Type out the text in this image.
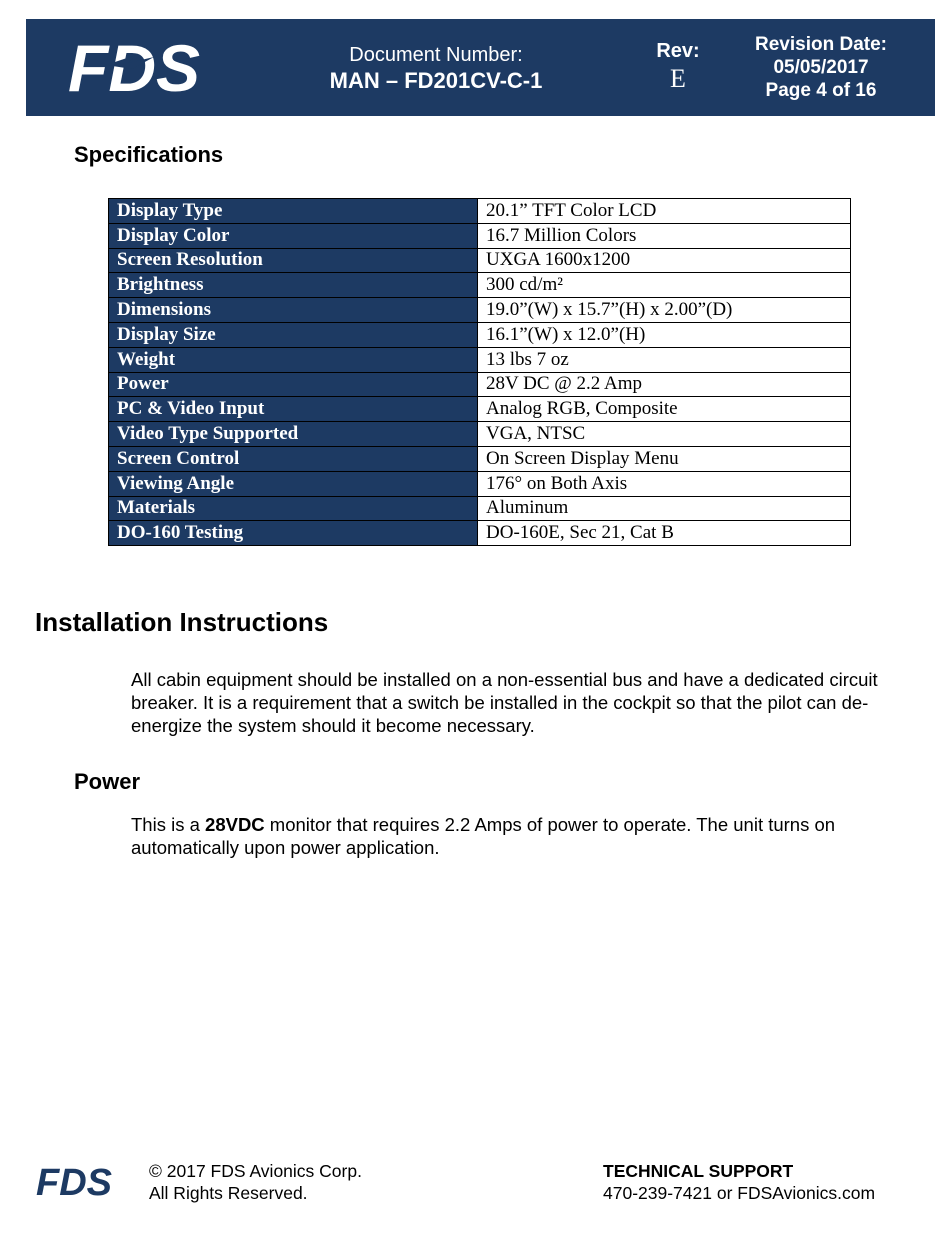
FDS	Document Number:
MAN – FD201CV-C-1
Rev:
E
Revision Date:
05/05/2017
Page 4 of 16
Specifications
Display Type	20.1” TFT Color LCD
Display Color	16.7 Million Colors
Screen Resolution	UXGA 1600x1200
Brightness	300 cd/m²
Dimensions	19.0”(W) x 15.7”(H) x 2.00”(D)
Display Size	16.1”(W) x 12.0”(H)
Weight	13 lbs 7 oz
Power	28V DC @ 2.2 Amp
PC & Video Input	Analog RGB, Composite
Video Type Supported	VGA, NTSC
Screen Control	On Screen Display Menu
Viewing Angle	176° on Both Axis
Materials	Aluminum
DO-160 Testing	DO-160E, Sec 21, Cat B
Installation Instructions
All cabin equipment should be installed on a non-essential bus and have a dedicated circuit breaker. It is a requirement that a switch be installed in the cockpit so that the pilot can de-energize the system should it become necessary.
Power
This is a 28VDC monitor that requires 2.2 Amps of power to operate. The unit turns on automatically upon power application.
FDS © 2017 FDS Avionics Corp.
All Rights Reserved.
TECHNICAL SUPPORT
470-239-7421 or FDSAvionics.com
